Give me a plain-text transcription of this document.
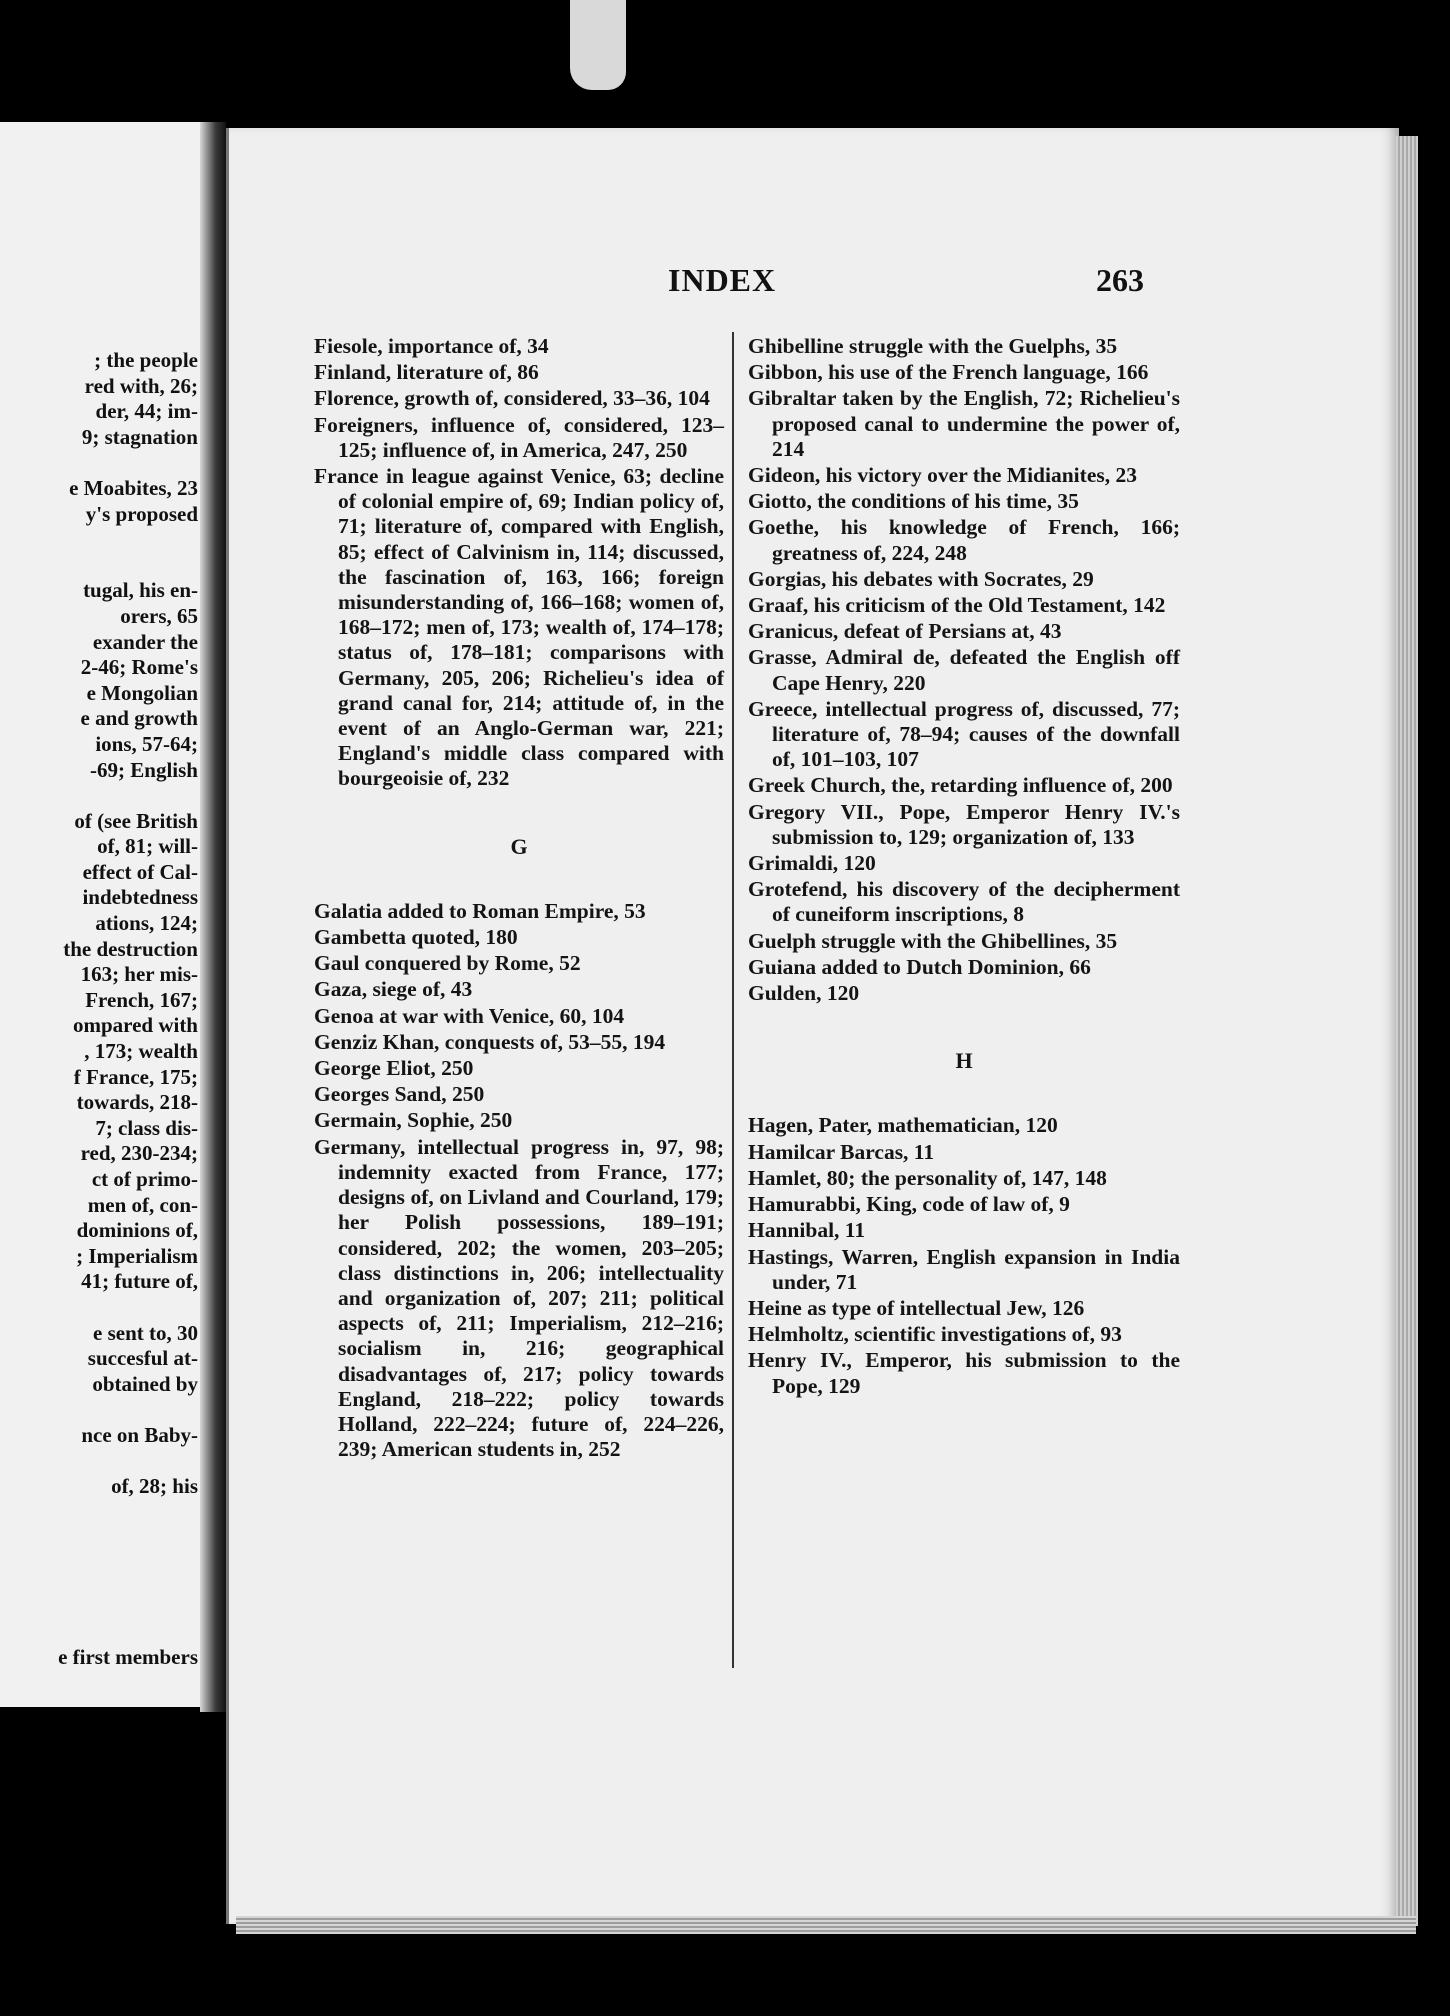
; the people
red with, 26;
der, 44; im-
9; stagnation
e Moabites, 23
y's proposed
tugal, his en-
orers, 65
exander the
2-46; Rome's
e Mongolian
e and growth
ions, 57-64;
-69; English
of (see British
of, 81; will-
effect of Cal-
indebtedness
ations, 124;
the destruction
163; her mis-
French, 167;
ompared with
, 173; wealth
f France, 175;
towards, 218-
7; class dis-
red, 230-234;
ct of primo-
men of, con-
dominions of,
; Imperialism
41; future of,
e sent to, 30
succesful at-
obtained by
nce on Baby-
of, 28; his
e first members
INDEX	263

Fiesole, importance of, 34

Finland, literature of, 86

Florence, growth of, considered, 33–36, 104

Foreigners, influence of, considered, 123–125; influence of, in America, 247, 250

France in league against Venice, 63; decline of colonial empire of, 69; Indian policy of, 71; literature of, compared with English, 85; effect of Calvinism in, 114; discussed, the fascination of, 163, 166; foreign misunderstanding of, 166–168; women of, 168–172; men of, 173; wealth of, 174–178; status of, 178–181; comparisons with Germany, 205, 206; Richelieu's idea of grand canal for, 214; attitude of, in the event of an Anglo-German war, 221; England's middle class compared with bourgeoisie of, 232

G

Galatia added to Roman Empire, 53

Gambetta quoted, 180

Gaul conquered by Rome, 52

Gaza, siege of, 43

Genoa at war with Venice, 60, 104

Genziz Khan, conquests of, 53–55, 194

George Eliot, 250

Georges Sand, 250

Germain, Sophie, 250

Germany, intellectual progress in, 97, 98; indemnity exacted from France, 177; designs of, on Livland and Courland, 179; her Polish possessions, 189–191; considered, 202; the women, 203–205; class distinctions in, 206; intellectuality and organization of, 207; 211; political aspects of, 211; Imperialism, 212–216; socialism in, 216; geographical disadvantages of, 217; policy towards England, 218–222; policy towards Holland, 222–224; future of, 224–226, 239; American students in, 252

Ghibelline struggle with the Guelphs, 35

Gibbon, his use of the French language, 166

Gibraltar taken by the English, 72; Richelieu's proposed canal to undermine the power of, 214

Gideon, his victory over the Midianites, 23

Giotto, the conditions of his time, 35

Goethe, his knowledge of French, 166; greatness of, 224, 248

Gorgias, his debates with Socrates, 29

Graaf, his criticism of the Old Testament, 142

Granicus, defeat of Persians at, 43

Grasse, Admiral de, defeated the English off Cape Henry, 220

Greece, intellectual progress of, discussed, 77; literature of, 78–94; causes of the downfall of, 101–103, 107

Greek Church, the, retarding influence of, 200

Gregory VII., Pope, Emperor Henry IV.'s submission to, 129; organization of, 133

Grimaldi, 120

Grotefend, his discovery of the decipherment of cuneiform inscriptions, 8

Guelph struggle with the Ghibellines, 35

Guiana added to Dutch Dominion, 66

Gulden, 120

H

Hagen, Pater, mathematician, 120

Hamilcar Barcas, 11

Hamlet, 80; the personality of, 147, 148

Hamurabbi, King, code of law of, 9

Hannibal, 11

Hastings, Warren, English expansion in India under, 71

Heine as type of intellectual Jew, 126

Helmholtz, scientific investigations of, 93

Henry IV., Emperor, his submission to the Pope, 129
